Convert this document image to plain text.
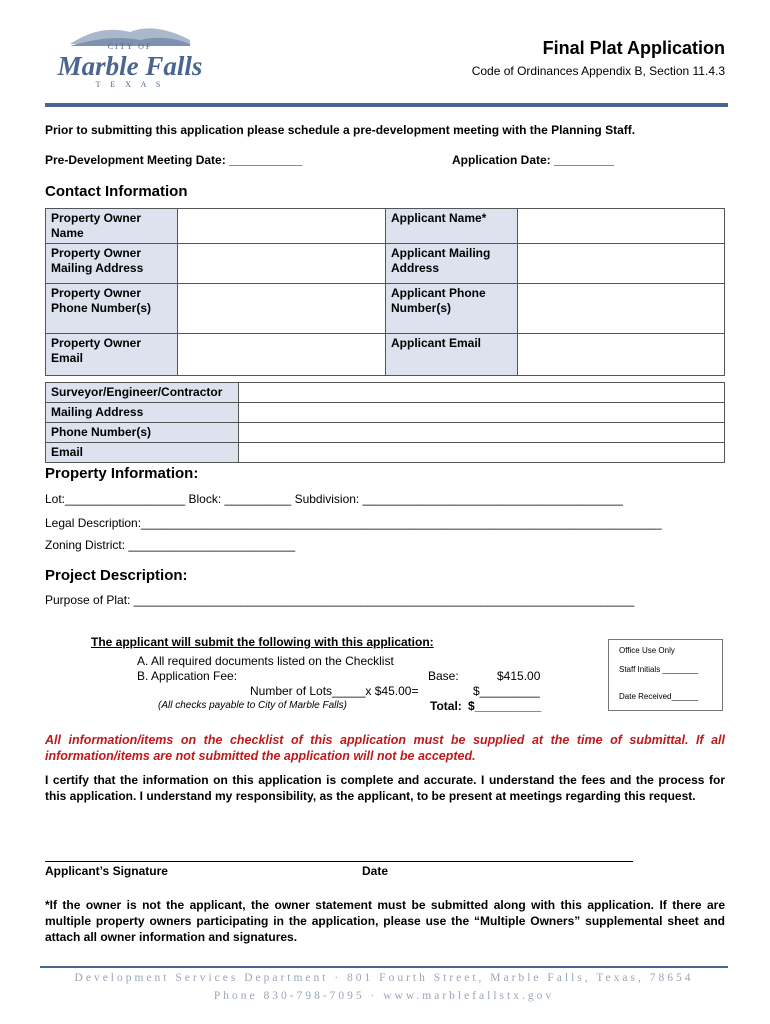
CITY OF
Marble Falls
T E X A S
Final Plat Application
Code of Ordinances Appendix B, Section 11.4.3
Prior to submitting this application please schedule a pre-development meeting with the Planning Staff.
Pre-Development Meeting Date: ___________	Application Date: _________
Contact Information
Property Owner Name		Applicant Name*	
Property Owner Mailing Address		Applicant Mailing Address	
Property Owner Phone Number(s)		Applicant Phone Number(s)	
Property Owner Email		Applicant Email	
Surveyor/Engineer/Contractor	
Mailing Address	
Phone Number(s)	
Email	
Property Information:
Lot:__________________ Block: __________ Subdivision: _______________________________________
Legal Description:______________________________________________________________________________
Zoning District: _________________________
Project Description:
Purpose of Plat: ___________________________________________________________________________
The applicant will submit the following with this application:
A. All required documents listed on the Checklist
B. Application Fee:	Base:	$415.00
Number of Lots_____x $45.00=	$_________
(All checks payable to City of Marble Falls)	Total: $__________
Office Use Only
Staff Initials ________
Date Received______
All information/items on the checklist of this application must be supplied at the time of submittal. If all information/items are not submitted the application will not be accepted.
I certify that the information on this application is complete and accurate. I understand the fees and the process for this application. I understand my responsibility, as the applicant, to be present at meetings regarding this request.
Applicant’s Signature	Date
*If the owner is not the applicant, the owner statement must be submitted along with this application. If there are multiple property owners participating in the application, please use the “Multiple Owners” supplemental sheet and attach all owner information and signatures.
Development Services Department · 801 Fourth Street, Marble Falls, Texas, 78654
Phone 830-798-7095 · www.marblefallstx.gov
